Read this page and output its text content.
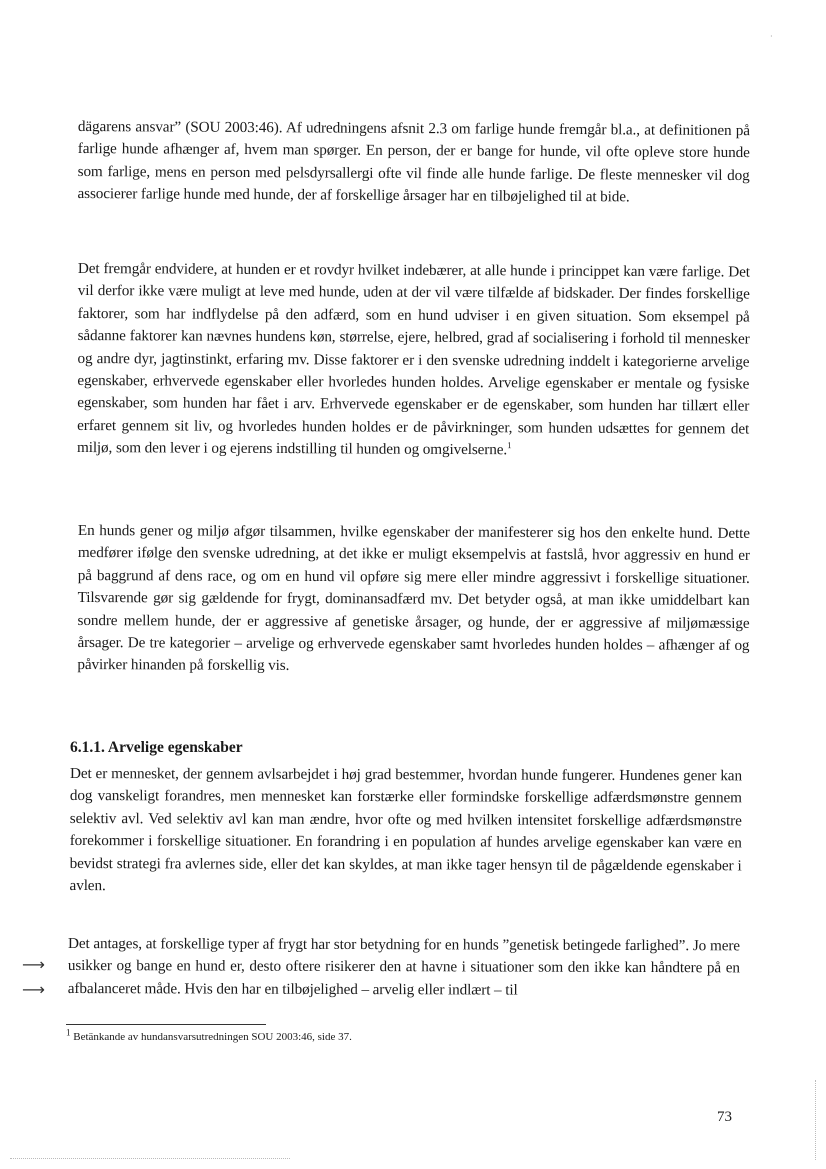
·
dägarens ansvar” (SOU 2003:46). Af udredningens afsnit 2.3 om farlige hunde fremgår bl.a., at definitionen på farlige hunde afhænger af, hvem man spørger. En person, der er bange for hunde, vil ofte opleve store hunde som farlige, mens en person med pelsdyrsallergi ofte vil finde alle hunde farlige. De fleste mennesker vil dog associerer farlige hunde med hunde, der af forskellige årsager har en tilbøjelighed til at bide.
Det fremgår endvidere, at hunden er et rovdyr hvilket indebærer, at alle hunde i princippet kan være farlige. Det vil derfor ikke være muligt at leve med hunde, uden at der vil være tilfælde af bidskader. Der findes forskellige faktorer, som har indflydelse på den adfærd, som en hund udviser i en given situation. Som eksempel på sådanne faktorer kan nævnes hundens køn, størrelse, ejere, helbred, grad af socialisering i forhold til mennesker og andre dyr, jagtinstinkt, erfaring mv. Disse faktorer er i den svenske udredning inddelt i kategorierne arvelige egenskaber, erhvervede egenskaber eller hvorledes hunden holdes. Arvelige egenskaber er mentale og fysiske egenskaber, som hunden har fået i arv. Erhvervede egenskaber er de egenskaber, som hunden har tillært eller erfaret gennem sit liv, og hvorledes hunden holdes er de påvirkninger, som hunden udsættes for gennem det miljø, som den lever i og ejerens indstilling til hunden og omgivelserne.$^1$
En hunds gener og miljø afgør tilsammen, hvilke egenskaber der manifesterer sig hos den enkelte hund. Dette medfører ifølge den svenske udredning, at det ikke er muligt eksempelvis at fastslå, hvor aggressiv en hund er på baggrund af dens race, og om en hund vil opføre sig mere eller mindre aggressivt i forskellige situationer. Tilsvarende gør sig gældende for frygt, dominansadfærd mv. Det betyder også, at man ikke umiddelbart kan sondre mellem hunde, der er aggressive af genetiske årsager, og hunde, der er aggressive af miljømæssige årsager. De tre kategorier – arvelige og erhvervede egenskaber samt hvorledes hunden holdes – afhænger af og påvirker hinanden på forskellig vis.
6.1.1. Arvelige egenskaber
Det er mennesket, der gennem avlsarbejdet i høj grad bestemmer, hvordan hunde fungerer. Hundenes gener kan dog vanskeligt forandres, men mennesket kan forstærke eller formindske forskellige adfærdsmønstre gennem selektiv avl. Ved selektiv avl kan man ændre, hvor ofte og med hvilken intensitet forskellige adfærdsmønstre forekommer i forskellige situationer. En forandring i en population af hundes arvelige egenskaber kan være en bevidst strategi fra avlernes side, eller det kan skyldes, at man ikke tager hensyn til de pågældende egenskaber i avlen.
Det antages, at forskellige typer af frygt har stor betydning for en hunds ”genetisk betingede farlighed”. Jo mere usikker og bange en hund er, desto oftere risikerer den at havne i situationer som den ikke kan håndtere på en afbalanceret måde. Hvis den har en tilbøjelighed – arvelig eller indlært – til
⟶
⟶
$^1$ Betänkande av hundansvarsutredningen SOU 2003:46, side 37.
73
